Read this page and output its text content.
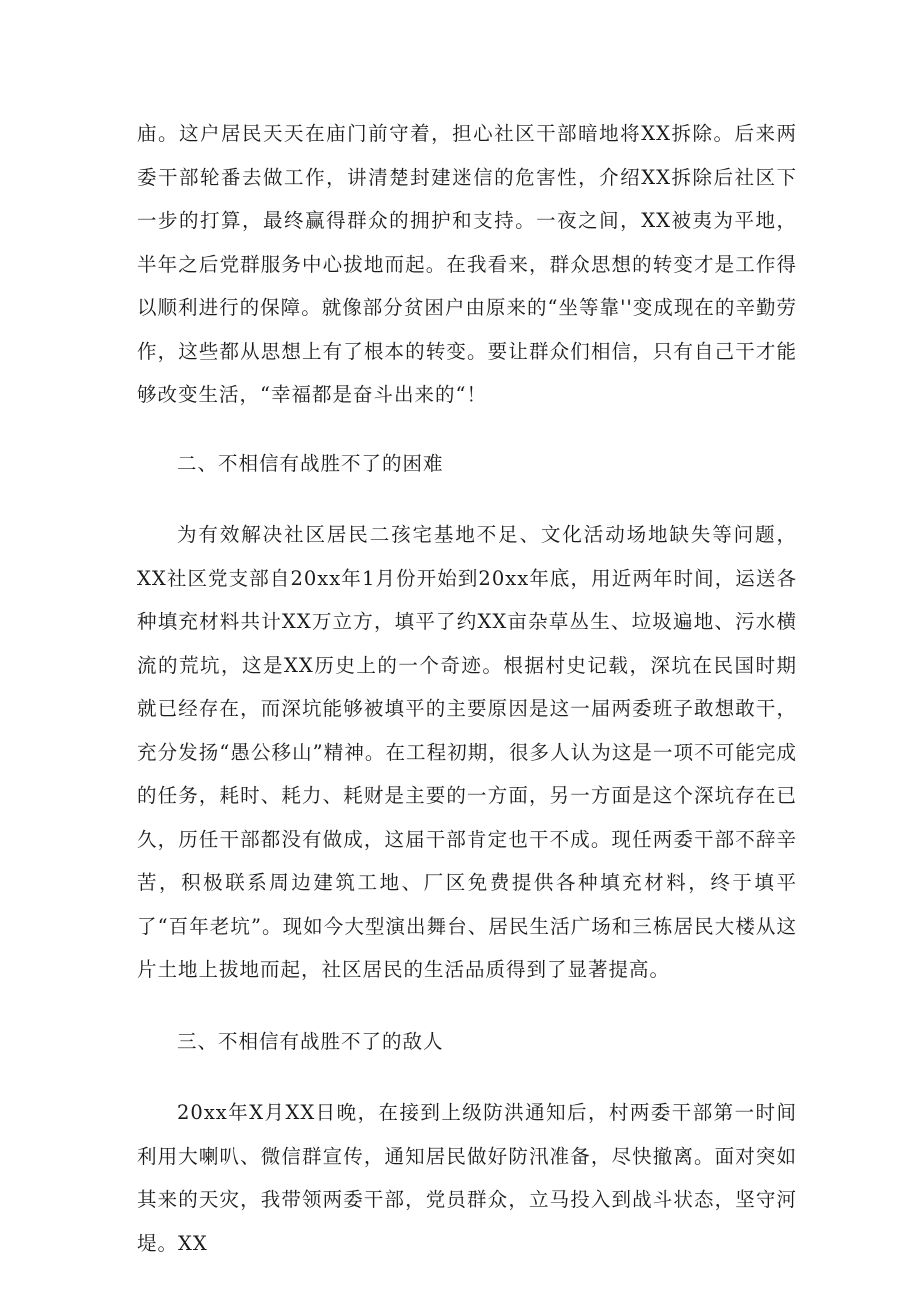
庙。这户居民天天在庙门前守着，担心社区干部暗地将XX拆除。后来两委干部轮番去做工作，讲清楚封建迷信的危害性，介绍XX拆除后社区下一步的打算，最终赢得群众的拥护和支持。一夜之间，XX被夷为平地，半年之后党群服务中心拔地而起。在我看来，群众思想的转变才是工作得以顺利进行的保障。就像部分贫困户由原来的“坐等靠''变成现在的辛勤劳作，这些都从思想上有了根本的转变。要让群众们相信，只有自己干才能够改变生活，“幸福都是奋斗出来的“！

二、不相信有战胜不了的困难

为有效解决社区居民二孩宅基地不足、文化活动场地缺失等问题，XX社区党支部自20xx年1月份开始到20xx年底，用近两年时间，运送各种填充材料共计XX万立方，填平了约XX亩杂草丛生、垃圾遍地、污水横流的荒坑，这是XX历史上的一个奇迹。根据村史记载，深坑在民国时期就已经存在，而深坑能够被填平的主要原因是这一届两委班子敢想敢干，充分发扬“愚公移山”精神。在工程初期，很多人认为这是一项不可能完成的任务，耗时、耗力、耗财是主要的一方面，另一方面是这个深坑存在已久，历任干部都没有做成，这届干部肯定也干不成。现任两委干部不辞辛苦，积极联系周边建筑工地、厂区免费提供各种填充材料，终于填平了“百年老坑”。现如今大型演出舞台、居民生活广场和三栋居民大楼从这片土地上拔地而起，社区居民的生活品质得到了显著提高。

三、不相信有战胜不了的敌人

20xx年X月XX日晚，在接到上级防洪通知后，村两委干部第一时间利用大喇叭、微信群宣传，通知居民做好防汛准备，尽快撤离。面对突如其来的天灾，我带领两委干部，党员群众，立马投入到战斗状态，坚守河堤。XX
